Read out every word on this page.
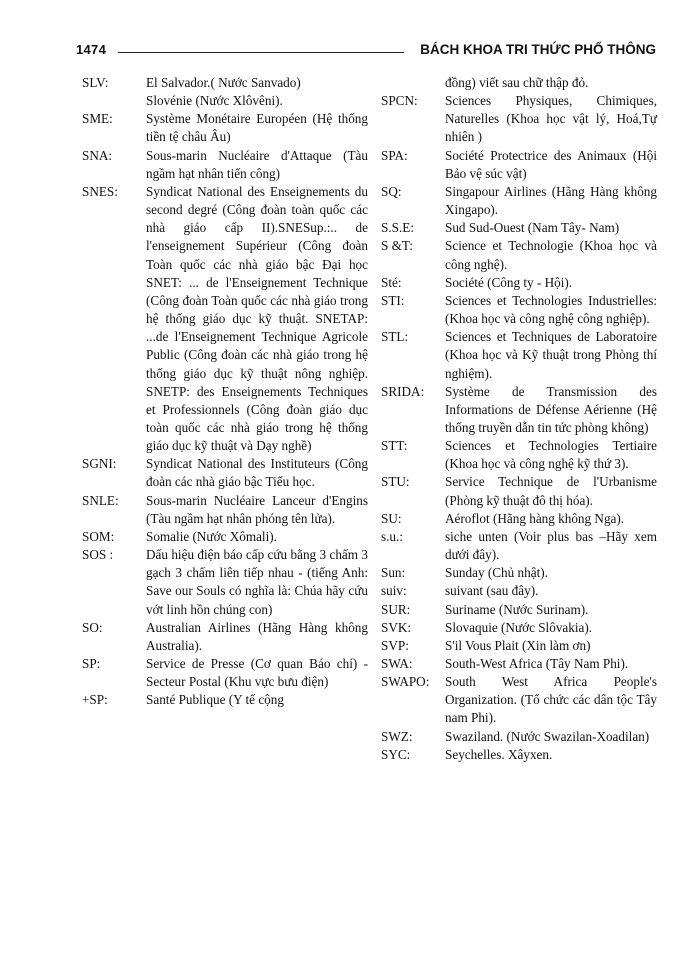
1474	BÁCH KHOA TRI THỨC PHỔ THÔNG
SLV:	El Salvador.( Nước Sanvado)
Slovénie (Nước Xlôvêni).
SME:	Système Monétaire Européen (Hệ thống tiền tệ châu Âu)
SNA:	Sous-marin Nucléaire d'Attaque (Tàu ngầm hạt nhân tiến công)
SNES:	Syndicat National des Enseignements du second degré (Công đoàn toàn quốc các nhà giáo cấp II).SNESup.:.. de l'enseignement Supérieur (Công đoàn Toàn quốc các nhà giáo bậc Đại học SNET: ... de l'Enseignement Technique (Công đoàn Toàn quốc các nhà giáo trong hệ thống giáo dục kỹ thuật. SNETAP: ...de l'Enseignement Technique Agricole Public (Công đoàn các nhà giáo trong hệ thống giáo dục kỹ thuật nông nghiệp. SNETP: des Enseignements Techniques et Professionnels (Công đoàn giáo dục toàn quốc các nhà giáo trong hệ thống giáo dục kỹ thuật và Dạy nghề)
SGNI:	Syndicat National des Instituteurs (Công đoàn các nhà giáo bậc Tiểu học.
SNLE:	Sous-marin Nucléaire Lanceur d'Engins (Tàu ngầm hạt nhân phóng tên lửa).
SOM:	Somalie (Nước Xômali).
SOS :	Dấu hiệu điện báo cấp cứu bằng 3 chấm 3 gạch 3 chấm liên tiếp nhau - (tiếng Anh: Save our Souls có nghĩa là: Chúa hãy cứu vớt linh hồn chúng con)
SO:	Australian Airlines (Hãng Hàng không Australia).
SP:	Service de Presse (Cơ quan Báo chí) - Secteur Postal (Khu vực bưu điện)
+SP:	Santé Publique (Y tế cộng
đồng) viết sau chữ thập đỏ.
SPCN:	Sciences Physiques, Chimiques, Naturelles (Khoa học vật lý, Hoá,Tự nhiên )
SPA:	Société Protectrice des Animaux (Hội Bảo vệ súc vật)
SQ:	Singapour Airlines (Hãng Hàng không Xingapo).
S.S.E:	Sud Sud-Ouest (Nam Tây- Nam)
S &T:	Science et Technologie (Khoa học và công nghệ).
Sté:	Société (Công ty - Hội).
STI:	Sciences et Technologies Industrielles: (Khoa học và công nghệ công nghiệp).
STL:	Sciences et Techniques de Laboratoire (Khoa học và Kỹ thuật trong Phòng thí nghiệm).
SRIDA:	Système de Transmission des Informations de Défense Aérienne (Hệ thống truyền dẫn tin tức phòng không)
STT:	Sciences et Technologies Tertiaire (Khoa học và công nghệ kỹ thứ 3).
STU:	Service Technique de l'Urbanisme (Phòng kỹ thuật đô thị hóa).
SU:	Aéroflot (Hãng hàng không Nga).
s.u.:	siche unten (Voir plus bas –Hãy xem dưới đây).
Sun:	Sunday (Chủ nhật).
suiv:	suivant (sau đây).
SUR:	Suriname (Nước Surinam).
SVK:	Slovaquie (Nước Slôvakia).
SVP:	S'il Vous Plait (Xin làm ơn)
SWA:	South-West Africa (Tây Nam Phi).
SWAPO:	South West Africa People's Organization. (Tổ chức các dân tộc Tây nam Phi).
SWZ:	Swaziland. (Nước Swazilan-Xoadilan)
SYC:	Seychelles. Xâyxen.
